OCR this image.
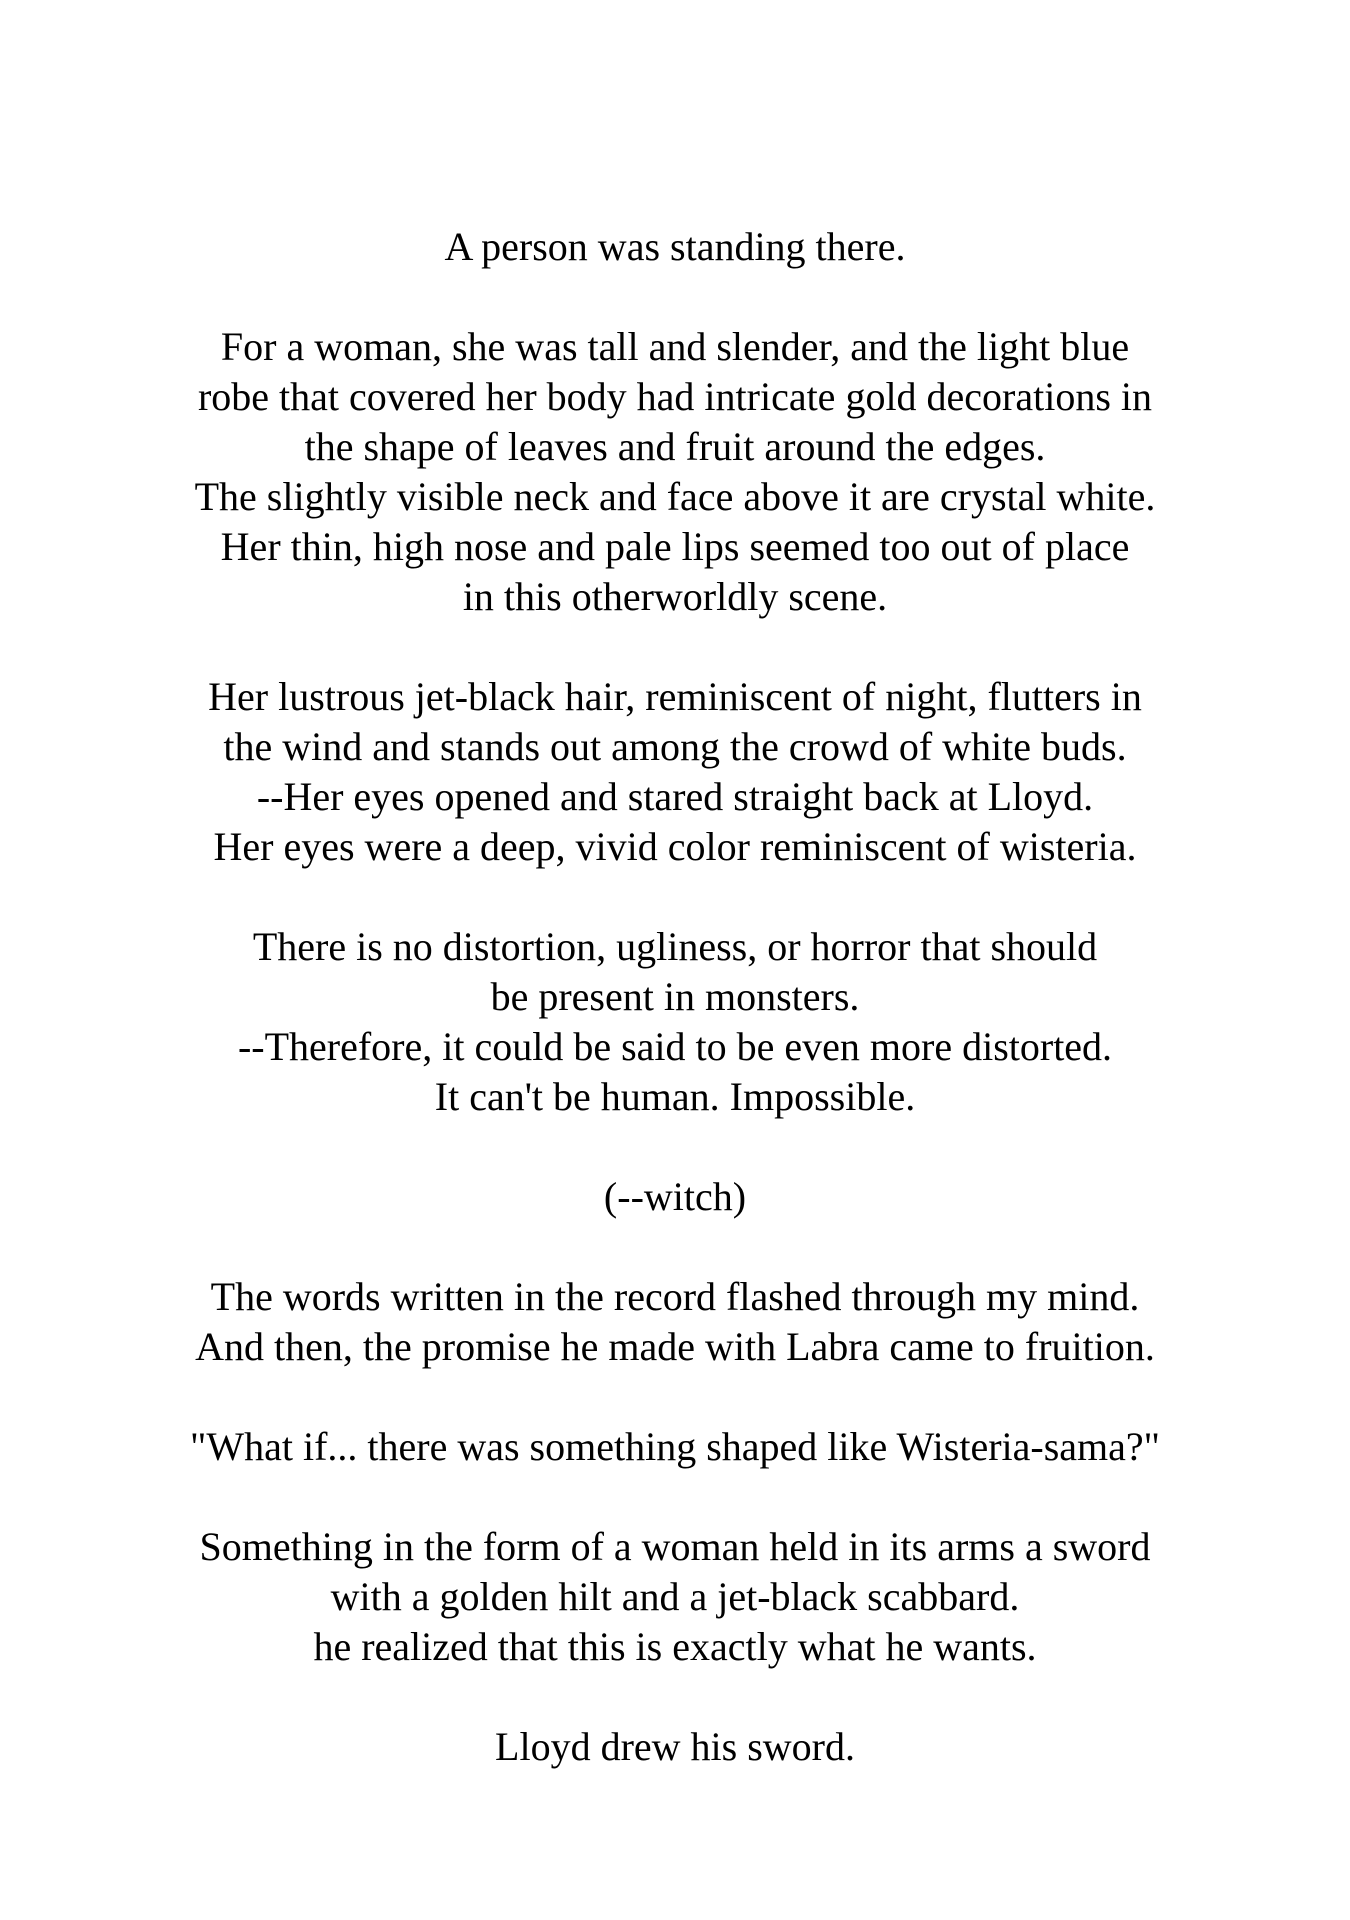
A person was standing there.

For a woman, she was tall and slender, and the light blue
robe that covered her body had intricate gold decorations in
the shape of leaves and fruit around the edges.
The slightly visible neck and face above it are crystal white.
Her thin, high nose and pale lips seemed too out of place
in this otherworldly scene.

Her lustrous jet-black hair, reminiscent of night, flutters in
the wind and stands out among the crowd of white buds.
--Her eyes opened and stared straight back at Lloyd.
Her eyes were a deep, vivid color reminiscent of wisteria.

There is no distortion, ugliness, or horror that should
be present in monsters.
--Therefore, it could be said to be even more distorted.
It can't be human. Impossible.

(--witch)

The words written in the record flashed through my mind.
And then, the promise he made with Labra came to fruition.

"What if... there was something shaped like Wisteria-sama?"

Something in the form of a woman held in its arms a sword
with a golden hilt and a jet-black scabbard.
he realized that this is exactly what he wants.

Lloyd drew his sword.
